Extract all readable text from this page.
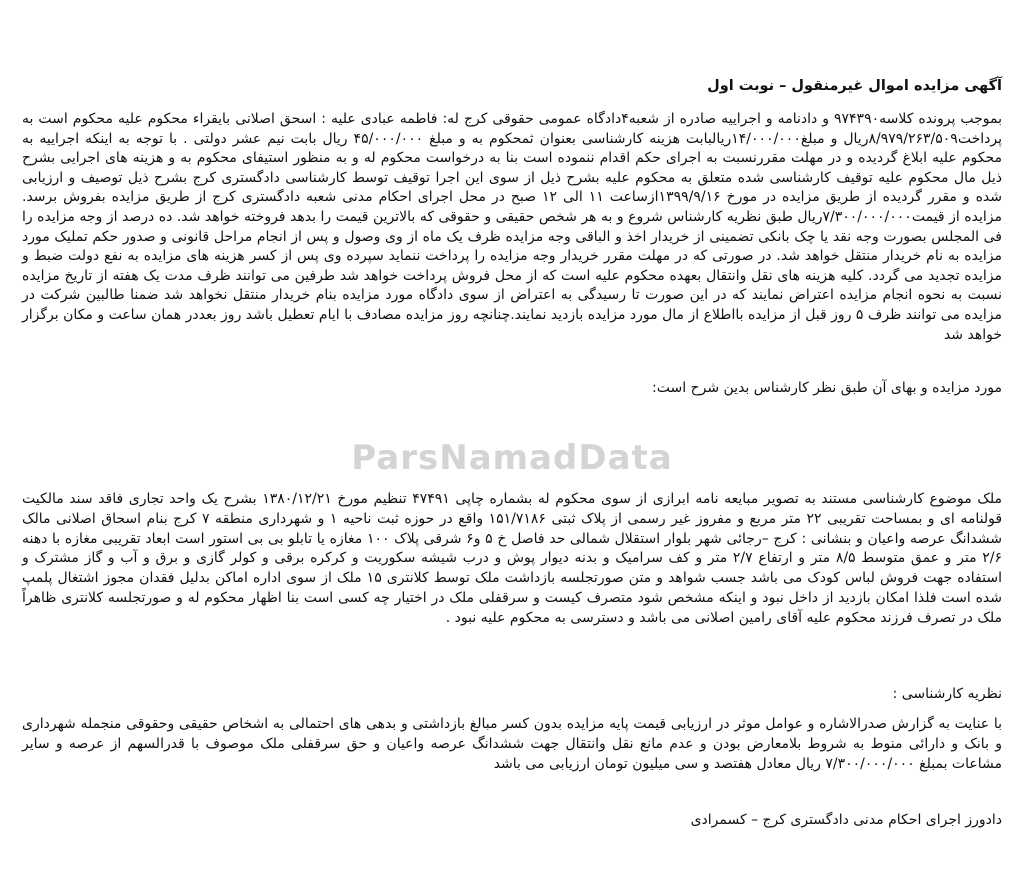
ParsNamadData
آگهی مزایده اموال غیرمنقول – نوبت اول
بموجب پرونده کلاسه۹۷۴۳۹۰ و دادنامه و اجراییه صادره از شعبه۴دادگاه عمومی حقوقی کرج له: فاطمه عبادی علیه : اسحق اصلانی بایقراء محکوم علیه محکوم است به پرداخت۸/۹۷۹/۲۶۳/۵۰۹ریال و مبلغ۱۴/۰۰۰/۰۰۰ریالبابت هزینه کارشناسی بعنوان ثمحکوم به و مبلغ ۴۵/۰۰۰/۰۰۰ ریال بابت نیم عشر دولتی . با توجه به اینکه اجراییه به محکوم علیه ابلاغ گردیده و در مهلت مقررنسبت به اجرای حکم اقدام ننموده است بنا به درخواست محکوم له و به منظور استیفای محکوم به و هزینه های اجرایی بشرح ذیل مال محکوم علیه توقیف کارشناسی شده متعلق به محکوم علیه بشرح ذیل از سوی این اجرا توقیف توسط کارشناسی دادگستری کرج بشرح ذیل توصیف و ارزیابی شده و مقرر گردیده از طریق مزایده در مورخ ۱۳۹۹/۹/۱۶ازساعت ۱۱ الی ۱۲ صبح در محل اجرای احکام مدنی شعبه دادگستری کرج از طریق مزایده بفروش برسد. مزایده از قیمت۷/۳۰۰/۰۰۰/۰۰۰ریال طبق نظریه کارشناس شروع و به هر شخص حقیقی و حقوقی که بالاترین قیمت را بدهد فروخته خواهد شد. ده درصد از وجه مزایده را فی المجلس بصورت وجه نقد یا چک بانکی تضمینی از خریدار اخذ و الباقی وجه مزایده ظرف یک ماه از وی وصول و پس از انجام مراحل قانونی و صدور حکم تملیک مورد مزایده به نام خریدار منتقل خواهد شد. در صورتی که در مهلت مقرر خریدار وجه مزایده را پرداخت ننماید سپرده وی پس از کسر هزینه های مزایده به نفع دولت ضبط و مزایده تجدید می گردد. کلیه هزینه های نقل وانتقال بعهده محکوم علیه است که از محل فروش پرداخت خواهد شد طرفین می توانند ظرف مدت یک هفته از تاریخ مزایده نسبت به نحوه انجام مزایده اعتراض نمایند که در این صورت تا رسیدگی به اعتراض از سوی دادگاه مورد مزایده بنام خریدار منتقل نخواهد شد ضمنا طالبین شرکت در مزایده می توانند ظرف ۵ روز قبل از مزایده بااطلاع از مال مورد مزایده بازدید نمایند.چنانچه روز مزایده مصادف با ایام تعطیل باشد روز بعددر همان ساعت و مکان برگزار خواهد شد
مورد مزایده و بهای آن طبق نظر کارشناس بدین شرح است:
ملک موضوع کارشناسی مستند به تصویر مبایعه نامه ابرازی از سوی محکوم له بشماره چاپی ۴۷۴۹۱ تنظیم مورخ ۱۳۸۰/۱۲/۲۱ بشرح یک واحد تجاری فاقد سند مالکیت قولنامه ای و بمساحت تقریبی ۲۲ متر مربع و مفروز غیر رسمی از پلاک ثبتی ۱۵۱/۷۱۸۶ واقع در حوزه ثبت ناحیه ۱ و شهرداری منطقه ۷ کرج بنام اسحاق اصلانی مالک ششدانگ عرصه واعیان و بنشانی : کرج –رجائی شهر بلوار استقلال شمالی حد فاصل خ ۵ و۶ شرقی پلاک ۱۰۰ مغازه یا تابلو بی بی استور است ابعاد تقریبی مغازه با دهنه ۲/۶ متر و عمق متوسط ۸/۵ متر و ارتفاع ۲/۷ متر و کف سرامیک و بدنه دیوار پوش و درب شیشه سکوریت و کرکره برقی و کولر گازی و برق و آب و گاز مشترک و استفاده جهت فروش لباس کودک می باشد جسب شواهد و متن صورتجلسه بازداشت ملک توسط کلانتری ۱۵ ملک از سوی اداره اماکن بدلیل فقدان مجوز اشتغال پلمپ شده است فلذا امکان بازدید از داخل نبود و اینکه مشخص شود متصرف کیست و سرقفلی ملک در اختیار چه کسی است بنا اظهار محکوم له و صورتجلسه کلانتری ظاهراً ملک در تصرف فرزند محکوم علیه آقای رامین اصلانی می باشد و دسترسی به محکوم علیه نبود .
نظریه کارشناسی :
با عنایت به گزارش صدرالاشاره و عوامل موثر در ارزیابی قیمت پایه مزایده بدون کسر مبالغ بازداشتی و بدهی های احتمالی به اشخاص حقیقی وحقوقی منجمله شهرداری و بانک و دارائی منوط به شروط بلامعارض بودن و عدم مانع نقل وانتقال جهت ششدانگ عرصه واعیان و حق سرقفلی ملک موصوف با قدرالسهم از عرصه و سایر مشاعات بمبلغ ۷/۳۰۰/۰۰۰/۰۰۰ ریال معادل هفتصد و سی میلیون تومان ارزیابی می باشد
دادورز اجرای احکام مدنی دادگستری کرج – کسمرادی
